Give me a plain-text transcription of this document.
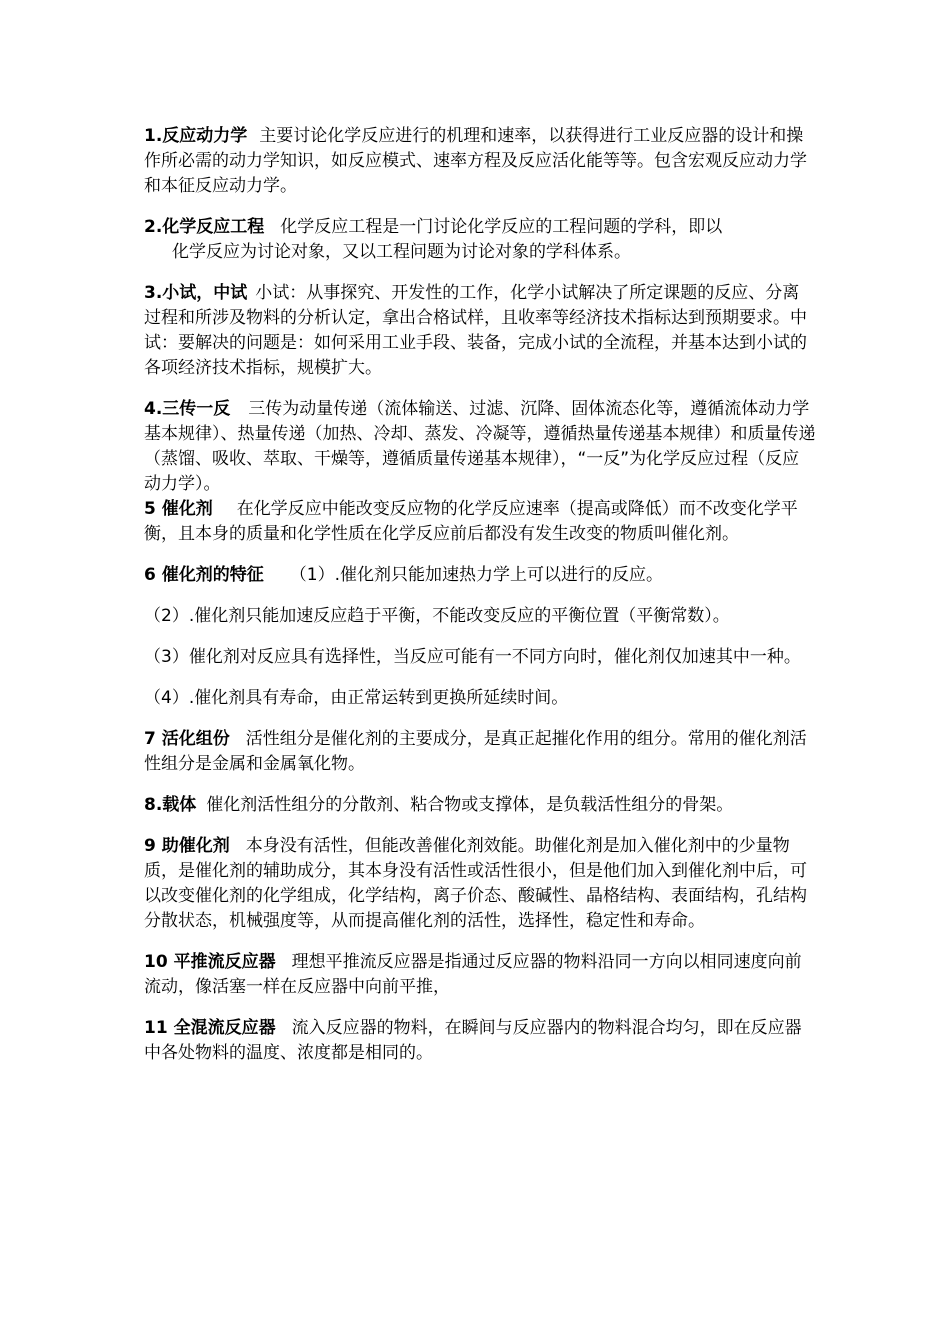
1.反应动力学 主要讨论化学反应进行的机理和速率，以获得进行工业反应器的设计和操作所必需的动力学知识，如反应模式、速率方程及反应活化能等等。包含宏观反应动力学和本征反应动力学。

2.化学反应工程 化学反应工程是一门讨论化学反应的工程问题的学科，即以
化学反应为讨论对象，又以工程问题为讨论对象的学科体系。

3.小试，中试 小试：从事探究、开发性的工作，化学小试解决了所定课题的反应、分离过程和所涉及物料的分析认定，拿出合格试样，且收率等经济技术指标达到预期要求。中试：要解决的问题是：如何采用工业手段、装备，完成小试的全流程，并基本达到小试的各项经济技术指标，规模扩大。

4.三传一反 三传为动量传递（流体输送、过滤、沉降、固体流态化等，遵循流体动力学基本规律）、热量传递（加热、冷却、蒸发、冷凝等，遵循热量传递基本规律）和质量传递（蒸馏、吸收、萃取、干燥等，遵循质量传递基本规律），“一反”为化学反应过程（反应动力学）。

5 催化剂 在化学反应中能改变反应物的化学反应速率（提高或降低）而不改变化学平衡，且本身的质量和化学性质在化学反应前后都没有发生改变的物质叫催化剂。

6 催化剂的特征 （1）.催化剂只能加速热力学上可以进行的反应。

（2）.催化剂只能加速反应趋于平衡，不能改变反应的平衡位置（平衡常数）。

（3）催化剂对反应具有选择性，当反应可能有一不同方向时，催化剂仅加速其中一种。

（4）.催化剂具有寿命，由正常运转到更换所延续时间。

7 活化组份 活性组分是催化剂的主要成分，是真正起摧化作用的组分。常用的催化剂活性组分是金属和金属氧化物。

8.载体 催化剂活性组分的分散剂、粘合物或支撑体，是负载活性组分的骨架。

9 助催化剂 本身没有活性，但能改善催化剂效能。助催化剂是加入催化剂中的少量物质，是催化剂的辅助成分，其本身没有活性或活性很小，但是他们加入到催化剂中后，可以改变催化剂的化学组成，化学结构，离子价态、酸碱性、晶格结构、表面结构，孔结构分散状态，机械强度等，从而提高催化剂的活性，选择性，稳定性和寿命。

10 平推流反应器 理想平推流反应器是指通过反应器的物料沿同一方向以相同速度向前流动，像活塞一样在反应器中向前平推，

11 全混流反应器 流入反应器的物料，在瞬间与反应器内的物料混合均匀，即在反应器中各处物料的温度、浓度都是相同的。
